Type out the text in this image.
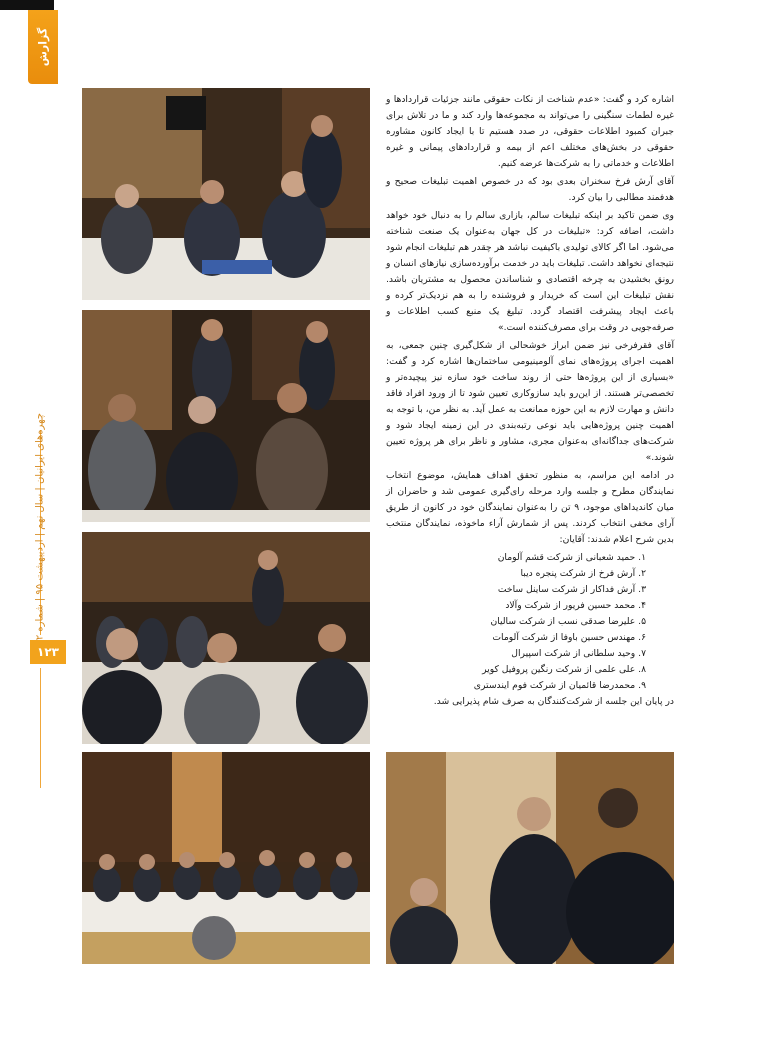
گزارش
چهره‌های ایرانیان | سال نهم | اردیبهشت ۹۵ | شماره
۱۲۳

اشاره کرد و گفت: «عدم شناخت از نکات حقوقی مانند جزئیات قراردادها و غیره لطمات سنگینی را می‌تواند به مجموعه‌ها وارد کند و ما در تلاش برای جبران کمبود اطلاعات حقوقی، در صدد هستیم تا با ایجاد کانون مشاوره حقوقی در بخش‌های مختلف اعم از بیمه و قراردادهای پیمانی و غیره اطلاعات و خدماتی را به شرکت‌ها عرضه کنیم.

آقای آرش فرخ سخنران بعدی بود که در خصوص اهمیت تبلیغات صحیح و هدفمند مطالبی را بیان کرد.

وی ضمن تاکید بر اینکه تبلیغات سالم، بازاری سالم را به دنبال خود خواهد داشت، اضافه کرد: «تبلیغات در کل جهان به‌عنوان یک صنعت شناخته می‌شود. اما اگر کالای تولیدی باکیفیت نباشد هر چقدر هم تبلیغات انجام شود نتیجه‌ای نخواهد داشت. تبلیغات باید در خدمت برآورده‌سازی نیازهای انسان و رونق بخشیدن به چرخه اقتصادی و شناساندن محصول به مشتریان باشد. نقش تبلیغات این است که خریدار و فروشنده را به هم نزدیک‌تر کرده و باعث ایجاد پیشرفت اقتصاد گردد. تبلیغ یک منبع کسب اطلاعات و صرفه‌جویی در وقت برای مصرف‌کننده است.»

آقای فقرفرخی نیز ضمن ابراز خوشحالی از شکل‌گیری چنین جمعی، به اهمیت اجرای پروژه‌های نمای آلومینیومی ساختمان‌ها اشاره کرد و گفت: «بسیاری از این پروژه‌ها حتی از روند ساخت خود سازه نیز پیچیده‌تر و تخصصی‌تر هستند. از این‌رو باید سازوکاری تعیین شود تا از ورود افراد فاقد دانش و مهارت لازم به این حوزه ممانعت به عمل آید. به نظر من، با توجه به اهمیت چنین پروژه‌هایی باید نوعی رتبه‌بندی در این زمینه ایجاد شود و شرکت‌های جداگانه‌ای به‌عنوان مجری، مشاور و ناظر برای هر پروژه تعیین شوند.»

در ادامه این مراسم، به منظور تحقق اهداف همایش، موضوع انتخاب نمایندگان مطرح و جلسه وارد مرحله رای‌گیری عمومی شد و حاضران از میان کاندیداهای موجود، ۹ تن را به‌عنوان نمایندگان خود در کانون از طریق آرای مخفی انتخاب کردند. پس از شمارش آراء ماخوذه، نمایندگان منتخب بدین شرح اعلام شدند: آقایان:

۱. حمید شعبانی از شرکت قشم آلومان
۲. آرش فرخ از شرکت پنجره دیبا
۳. آرش فداکار از شرکت ساینل ساخت
۴. محمد حسین فریور از شرکت وآلاد
۵. علیرضا صدقی نسب از شرکت سالیان
۶. مهندس حسین باوفا از شرکت آلومات
۷. وحید سلطانی از شرکت اسپیرال
۸. علی علمی از شرکت رنگین پروفیل کویر
۹. محمدرضا قائمیان از شرکت فوم ایندستری

در پایان این جلسه از شرکت‌کنندگان به صرف شام پذیرایی شد.
